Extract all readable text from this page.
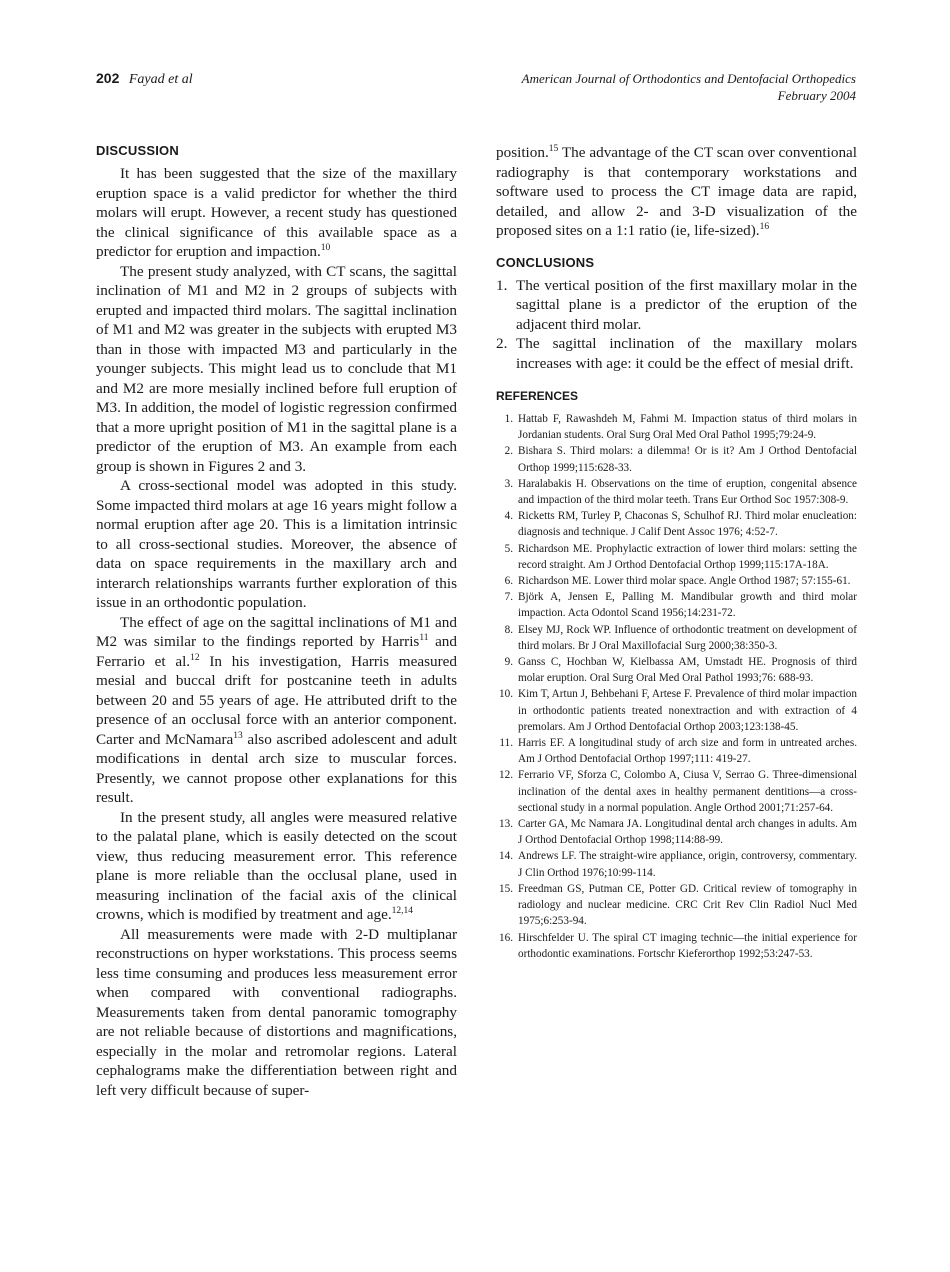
202 Fayad et al	American Journal of Orthodontics and Dentofacial Orthopedics
February 2004
DISCUSSION

It has been suggested that the size of the maxillary eruption space is a valid predictor for whether the third molars will erupt. However, a recent study has questioned the clinical significance of this available space as a predictor for eruption and impaction.$^{10}$

The present study analyzed, with CT scans, the sagittal inclination of M1 and M2 in 2 groups of subjects with erupted and impacted third molars. The sagittal inclination of M1 and M2 was greater in the subjects with erupted M3 than in those with impacted M3 and particularly in the younger subjects. This might lead us to conclude that M1 and M2 are more mesially inclined before full eruption of M3. In addition, the model of logistic regression confirmed that a more upright position of M1 in the sagittal plane is a predictor of the eruption of M3. An example from each group is shown in Figures 2 and 3.

A cross-sectional model was adopted in this study. Some impacted third molars at age 16 years might follow a normal eruption after age 20. This is a limitation intrinsic to all cross-sectional studies. Moreover, the absence of data on space requirements in the maxillary arch and interarch relationships warrants further exploration of this issue in an orthodontic population.

The effect of age on the sagittal inclinations of M1 and M2 was similar to the findings reported by Harris$^{11}$ and Ferrario et al.$^{12}$ In his investigation, Harris measured mesial and buccal drift for postcanine teeth in adults between 20 and 55 years of age. He attributed drift to the presence of an occlusal force with an anterior component. Carter and McNamara$^{13}$ also ascribed adolescent and adult modifications in dental arch size to muscular forces. Presently, we cannot propose other explanations for this result.

In the present study, all angles were measured relative to the palatal plane, which is easily detected on the scout view, thus reducing measurement error. This reference plane is more reliable than the occlusal plane, used in measuring inclination of the facial axis of the clinical crowns, which is modified by treatment and age.$^{12,14}$

All measurements were made with 2-D multiplanar reconstructions on hyper workstations. This process seems less time consuming and produces less measurement error when compared with conventional radiographs. Measurements taken from dental panoramic tomography are not reliable because of distortions and magnifications, especially in the molar and retromolar regions. Lateral cephalograms make the differentiation between right and left very difficult because of super-

position.$^{15}$ The advantage of the CT scan over conventional radiography is that contemporary workstations and software used to process the CT image data are rapid, detailed, and allow 2- and 3-D visualization of the proposed sites on a 1:1 ratio (ie, life-sized).$^{16}$

CONCLUSIONS
1. The vertical position of the first maxillary molar in the sagittal plane is a predictor of the eruption of the adjacent third molar.
2. The sagittal inclination of the maxillary molars increases with age: it could be the effect of mesial drift.
REFERENCES
1. Hattab F, Rawashdeh M, Fahmi M. Impaction status of third molars in Jordanian students. Oral Surg Oral Med Oral Pathol 1995;79:24-9.
2. Bishara S. Third molars: a dilemma! Or is it? Am J Orthod Dentofacial Orthop 1999;115:628-33.
3. Haralabakis H. Observations on the time of eruption, congenital absence and impaction of the third molar teeth. Trans Eur Orthod Soc 1957:308-9.
4. Ricketts RM, Turley P, Chaconas S, Schulhof RJ. Third molar enucleation: diagnosis and technique. J Calif Dent Assoc 1976; 4:52-7.
5. Richardson ME. Prophylactic extraction of lower third molars: setting the record straight. Am J Orthod Dentofacial Orthop 1999;115:17A-18A.
6. Richardson ME. Lower third molar space. Angle Orthod 1987; 57:155-61.
7. Björk A, Jensen E, Palling M. Mandibular growth and third molar impaction. Acta Odontol Scand 1956;14:231-72.
8. Elsey MJ, Rock WP. Influence of orthodontic treatment on development of third molars. Br J Oral Maxillofacial Surg 2000;38:350-3.
9. Ganss C, Hochban W, Kielbassa AM, Umstadt HE. Prognosis of third molar eruption. Oral Surg Oral Med Oral Pathol 1993;76: 688-93.
10. Kim T, Artun J, Behbehani F, Artese F. Prevalence of third molar impaction in orthodontic patients treated nonextraction and with extraction of 4 premolars. Am J Orthod Dentofacial Orthop 2003;123:138-45.
11. Harris EF. A longitudinal study of arch size and form in untreated arches. Am J Orthod Dentofacial Orthop 1997;111: 419-27.
12. Ferrario VF, Sforza C, Colombo A, Ciusa V, Serrao G. Three-dimensional inclination of the dental axes in healthy permanent dentitions—a cross-sectional study in a normal population. Angle Orthod 2001;71:257-64.
13. Carter GA, Mc Namara JA. Longitudinal dental arch changes in adults. Am J Orthod Dentofacial Orthop 1998;114:88-99.
14. Andrews LF. The straight-wire appliance, origin, controversy, commentary. J Clin Orthod 1976;10:99-114.
15. Freedman GS, Putman CE, Potter GD. Critical review of tomography in radiology and nuclear medicine. CRC Crit Rev Clin Radiol Nucl Med 1975;6:253-94.
16. Hirschfelder U. The spiral CT imaging technic—the initial experience for orthodontic examinations. Fortschr Kieferorthop 1992;53:247-53.
